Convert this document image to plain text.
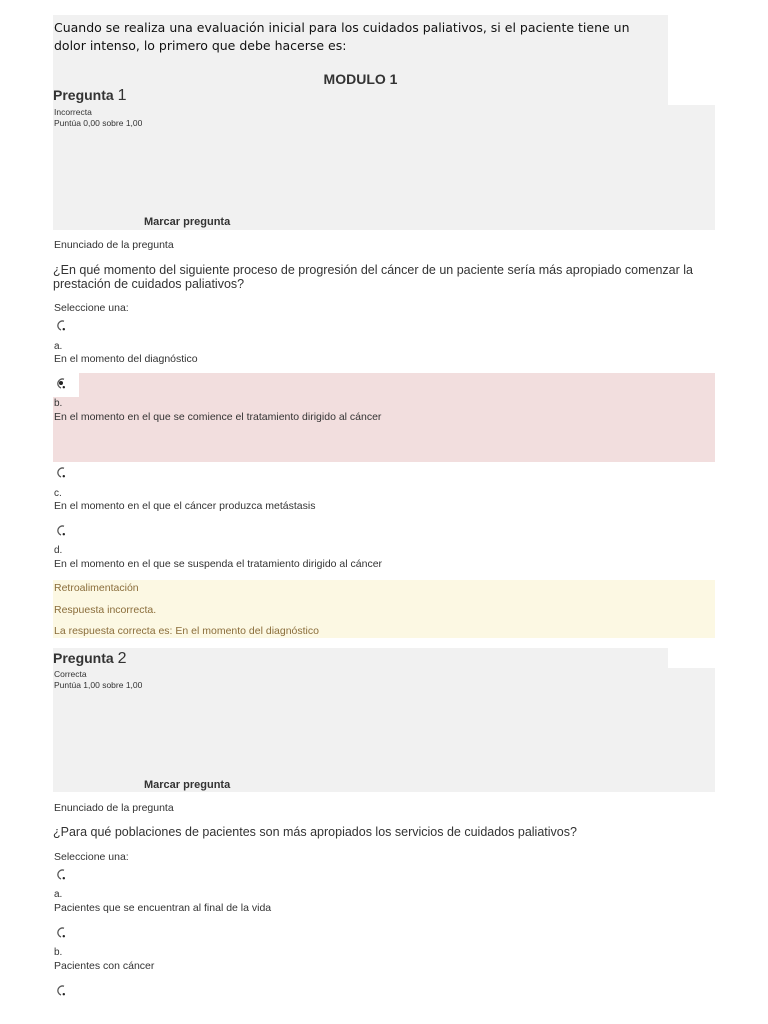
Cuando se realiza una evaluación inicial para los cuidados paliativos, si el paciente tiene un dolor intenso, lo primero que debe hacerse es:
MODULO 1
Pregunta 1
Incorrecta
Puntúa 0,00 sobre 1,00
Marcar pregunta
Enunciado de la pregunta
¿En qué momento del siguiente proceso de progresión del cáncer de un paciente sería más apropiado comenzar la prestación de cuidados paliativos?
Seleccione una:
a.
En el momento del diagnóstico
b.
En el momento en el que se comience el tratamiento dirigido al cáncer
c.
En el momento en el que el cáncer produzca metástasis
d.
En el momento en el que se suspenda el tratamiento dirigido al cáncer
Retroalimentación
Respuesta incorrecta.
La respuesta correcta es: En el momento del diagnóstico
Pregunta 2
Correcta
Puntúa 1,00 sobre 1,00
Marcar pregunta
Enunciado de la pregunta
¿Para qué poblaciones de pacientes son más apropiados los servicios de cuidados paliativos?
Seleccione una:
a.
Pacientes que se encuentran al final de la vida
b.
Pacientes con cáncer
